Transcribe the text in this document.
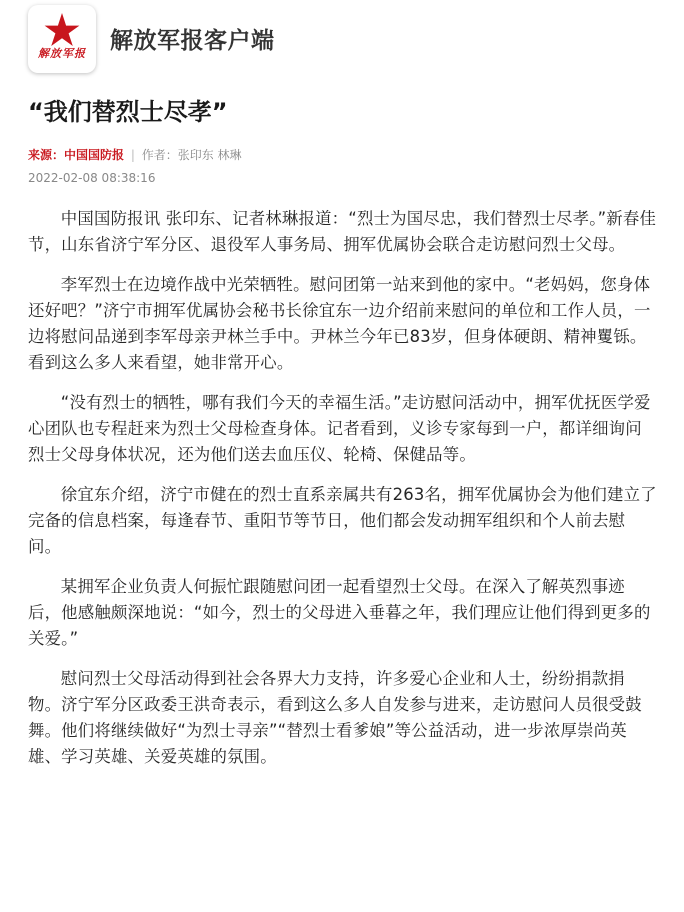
解放军报 解放军报客户端
“我们替烈士尽孝”
来源：中国国防报 | 作者：张印东 林琳
2022-02-08 08:38:16

中国国防报讯 张印东、记者林琳报道：“烈士为国尽忠，我们替烈士尽孝。”新春佳节，山东省济宁军分区、退役军人事务局、拥军优属协会联合走访慰问烈士父母。

李军烈士在边境作战中光荣牺牲。慰问团第一站来到他的家中。“老妈妈，您身体还好吧？”济宁市拥军优属协会秘书长徐宜东一边介绍前来慰问的单位和工作人员，一边将慰问品递到李军母亲尹林兰手中。尹林兰今年已83岁，但身体硬朗、精神矍铄。看到这么多人来看望，她非常开心。

“没有烈士的牺牲，哪有我们今天的幸福生活。”走访慰问活动中，拥军优抚医学爱心团队也专程赶来为烈士父母检查身体。记者看到，义诊专家每到一户，都详细询问烈士父母身体状况，还为他们送去血压仪、轮椅、保健品等。

徐宜东介绍，济宁市健在的烈士直系亲属共有263名，拥军优属协会为他们建立了完备的信息档案，每逢春节、重阳节等节日，他们都会发动拥军组织和个人前去慰问。

某拥军企业负责人何振忙跟随慰问团一起看望烈士父母。在深入了解英烈事迹后，他感触颇深地说：“如今，烈士的父母进入垂暮之年，我们理应让他们得到更多的关爱。”

慰问烈士父母活动得到社会各界大力支持，许多爱心企业和人士，纷纷捐款捐物。济宁军分区政委王洪奇表示，看到这么多人自发参与进来，走访慰问人员很受鼓舞。他们将继续做好“为烈士寻亲”“替烈士看爹娘”等公益活动，进一步浓厚崇尚英雄、学习英雄、关爱英雄的氛围。
